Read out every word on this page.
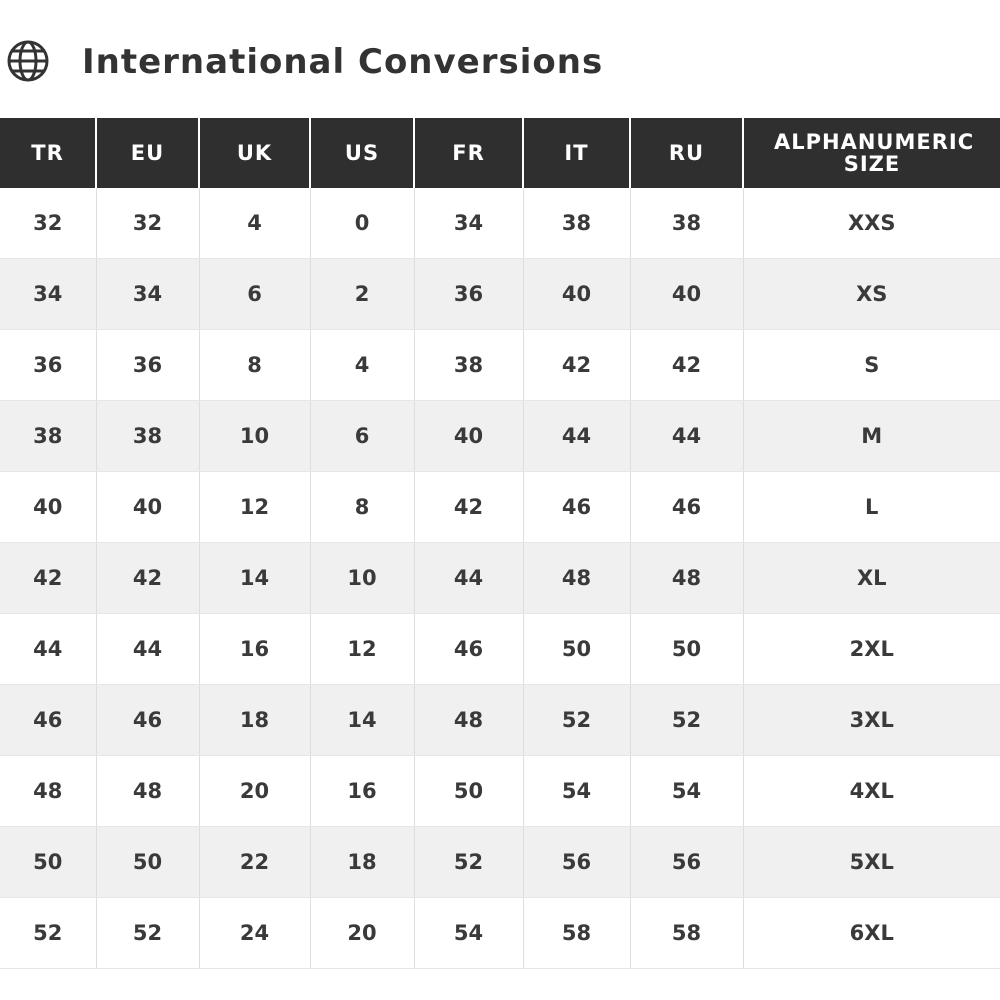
International Conversions
TR	EU	UK	US	FR	IT	RU	ALPHANUMERIC SIZE
32	32	4	0	34	38	38	XXS
34	34	6	2	36	40	40	XS
36	36	8	4	38	42	42	S
38	38	10	6	40	44	44	M
40	40	12	8	42	46	46	L
42	42	14	10	44	48	48	XL
44	44	16	12	46	50	50	2XL
46	46	18	14	48	52	52	3XL
48	48	20	16	50	54	54	4XL
50	50	22	18	52	56	56	5XL
52	52	24	20	54	58	58	6XL
